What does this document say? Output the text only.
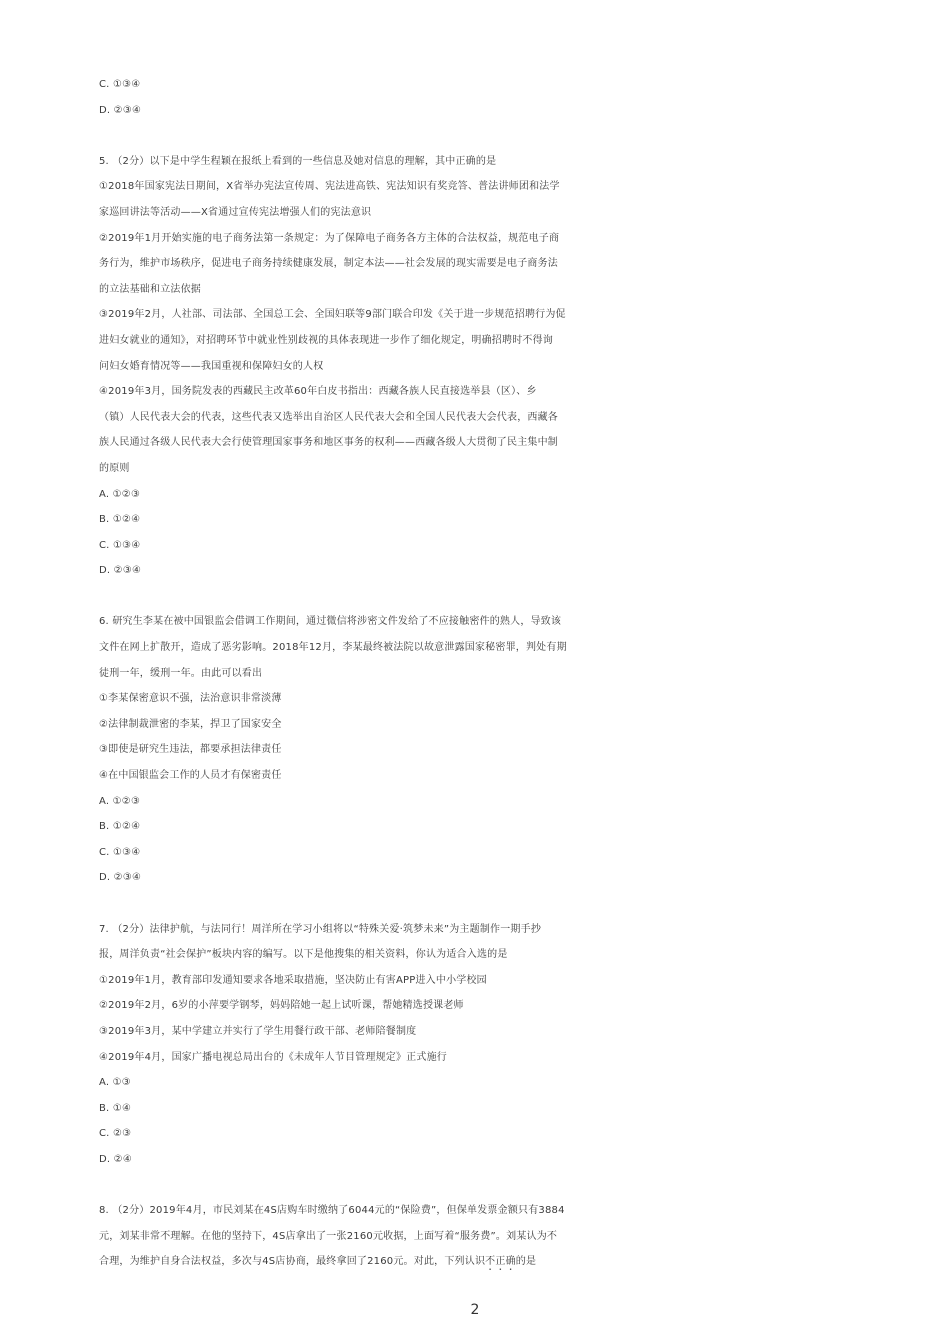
C. ①③④
D. ②③④
5. （2分）以下是中学生程颖在报纸上看到的一些信息及她对信息的理解，其中正确的是
①2018年国家宪法日期间，X省举办宪法宣传周、宪法进高铁、宪法知识有奖竞答、普法讲师团和法学
家巡回讲法等活动——X省通过宣传宪法增强人们的宪法意识
②2019年1月开始实施的电子商务法第一条规定：为了保障电子商务各方主体的合法权益，规范电子商
务行为，维护市场秩序，促进电子商务持续健康发展，制定本法——社会发展的现实需要是电子商务法
的立法基础和立法依据
③2019年2月，人社部、司法部、全国总工会、全国妇联等9部门联合印发《关于进一步规范招聘行为促
进妇女就业的通知》，对招聘环节中就业性别歧视的具体表现进一步作了细化规定，明确招聘时不得询
问妇女婚育情况等——我国重视和保障妇女的人权
④2019年3月，国务院发表的西藏民主改革60年白皮书指出：西藏各族人民直接选举县（区）、乡
（镇）人民代表大会的代表，这些代表又选举出自治区人民代表大会和全国人民代表大会代表，西藏各
族人民通过各级人民代表大会行使管理国家事务和地区事务的权利——西藏各级人大贯彻了民主集中制
的原则
A. ①②③
B. ①②④
C. ①③④
D. ②③④
6. 研究生李某在被中国银监会借调工作期间，通过微信将涉密文件发给了不应接触密件的熟人，导致该
文件在网上扩散开，造成了恶劣影响。2018年12月，李某最终被法院以故意泄露国家秘密罪，判处有期
徒刑一年，缓刑一年。由此可以看出
①李某保密意识不强，法治意识非常淡薄
②法律制裁泄密的李某，捍卫了国家安全
③即使是研究生违法，都要承担法律责任
④在中国银监会工作的人员才有保密责任
A. ①②③
B. ①②④
C. ①③④
D. ②③④
7. （2分）法律护航，与法同行！周洋所在学习小组将以“特殊关爱·筑梦未来”为主题制作一期手抄
报，周洋负责“社会保护”板块内容的编写。以下是他搜集的相关资料，你认为适合入选的是
①2019年1月，教育部印发通知要求各地采取措施，坚决防止有害APP进入中小学校园
②2019年2月，6岁的小萍要学钢琴，妈妈陪她一起上试听课，帮她精选授课老师
③2019年3月，某中学建立并实行了学生用餐行政干部、老师陪餐制度
④2019年4月，国家广播电视总局出台的《未成年人节目管理规定》正式施行
A. ①③
B. ①④
C. ②③
D. ②④
8. （2分）2019年4月，市民刘某在4S店购车时缴纳了6044元的“保险费”，但保单发票金额只有3884
元，刘某非常不理解。在他的坚持下，4S店拿出了一张2160元收据，上面写着“服务费”。刘某认为不
合理，为维护自身合法权益，多次与4S店协商，最终拿回了2160元。对此，下列认识不正确的是
2
